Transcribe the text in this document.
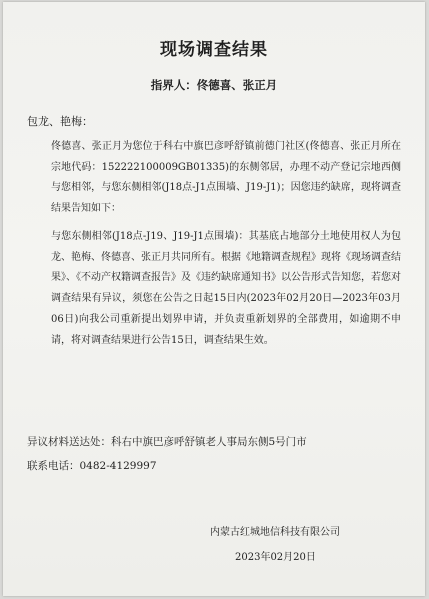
现场调查结果
指界人：佟德喜、张正月
包龙、艳梅：
佟德喜、张正月为您位于科右中旗巴彦呼舒镇前德门社区(佟德喜、张正月所在宗地代码：152222100009GB01335)的东侧邻居，办理不动产登记宗地西侧与您相邻，与您东侧相邻(J18点-J1点围墙、J19-J1)；因您违约缺席，现将调查结果告知如下：
与您东侧相邻(J18点-J19、J19-J1点围墙)：其基底占地部分土地使用权人为包龙、艳梅、佟德喜、张正月共同所有。根据《地籍调查规程》现将《现场调查结果》、《不动产权籍调查报告》及《违约缺席通知书》以公告形式告知您，若您对调查结果有异议，须您在公告之日起15日内(2023年02月20日—2023年03月06日)向我公司重新提出划界申请，并负责重新划界的全部费用，如逾期不申请，将对调查结果进行公告15日，调查结果生效。
异议材料送达处：科右中旗巴彦呼舒镇老人事局东侧5号门市
联系电话：0482-4129997
内蒙古红城地信科技有限公司
2023年02月20日
